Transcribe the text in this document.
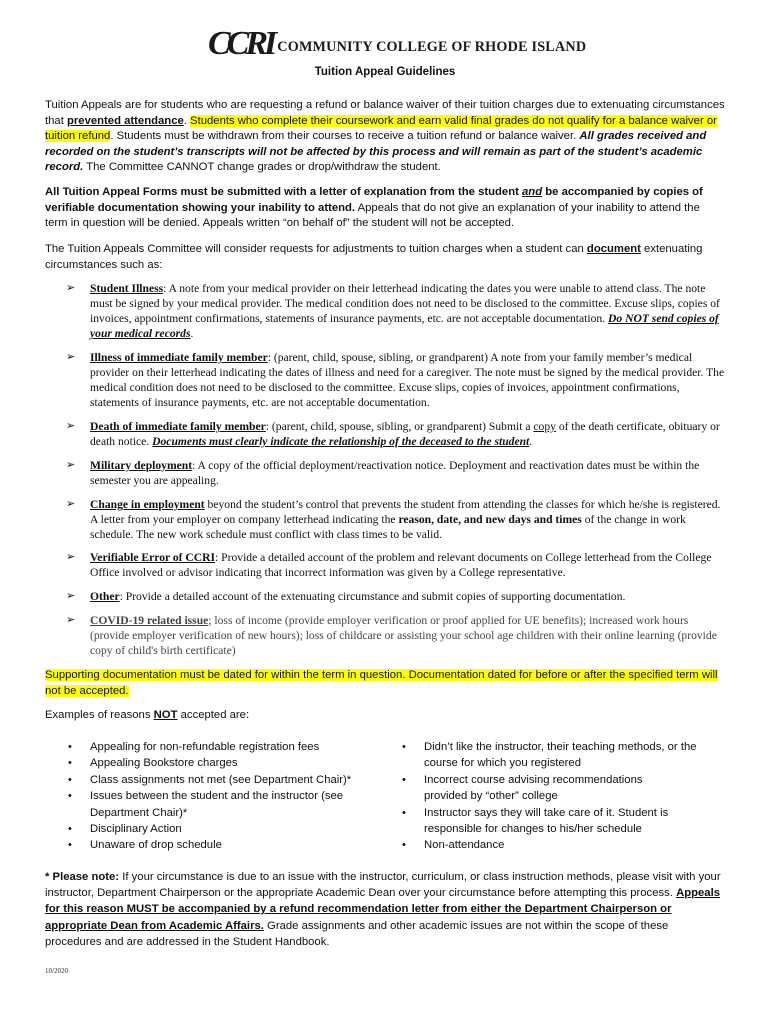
CCRI COMMUNITY COLLEGE OF RHODE ISLAND
Tuition Appeal Guidelines
Tuition Appeals are for students who are requesting a refund or balance waiver of their tuition charges due to extenuating circumstances that prevented attendance. Students who complete their coursework and earn valid final grades do not qualify for a balance waiver or tuition refund. Students must be withdrawn from their courses to receive a tuition refund or balance waiver. All grades received and recorded on the student’s transcripts will not be affected by this process and will remain as part of the student’s academic record. The Committee CANNOT change grades or drop/withdraw the student.
All Tuition Appeal Forms must be submitted with a letter of explanation from the student and be accompanied by copies of verifiable documentation showing your inability to attend. Appeals that do not give an explanation of your inability to attend the term in question will be denied. Appeals written “on behalf of” the student will not be accepted.
The Tuition Appeals Committee will consider requests for adjustments to tuition charges when a student can document extenuating circumstances such as:
➢ Student Illness: A note from your medical provider on their letterhead indicating the dates you were unable to attend class. The note must be signed by your medical provider. The medical condition does not need to be disclosed to the committee. Excuse slips, copies of invoices, appointment confirmations, statements of insurance payments, etc. are not acceptable documentation. Do NOT send copies of your medical records.
➢ Illness of immediate family member: (parent, child, spouse, sibling, or grandparent) A note from your family member’s medical provider on their letterhead indicating the dates of illness and need for a caregiver. The note must be signed by the medical provider. The medical condition does not need to be disclosed to the committee. Excuse slips, copies of invoices, appointment confirmations, statements of insurance payments, etc. are not acceptable documentation.
➢ Death of immediate family member: (parent, child, spouse, sibling, or grandparent) Submit a copy of the death certificate, obituary or death notice. Documents must clearly indicate the relationship of the deceased to the student.
➢ Military deployment: A copy of the official deployment/reactivation notice. Deployment and reactivation dates must be within the semester you are appealing.
➢ Change in employment beyond the student’s control that prevents the student from attending the classes for which he/she is registered. A letter from your employer on company letterhead indicating the reason, date, and new days and times of the change in work schedule. The new work schedule must conflict with class times to be valid.
➢ Verifiable Error of CCRI: Provide a detailed account of the problem and relevant documents on College letterhead from the College Office involved or advisor indicating that incorrect information was given by a College representative.
➢ Other: Provide a detailed account of the extenuating circumstance and submit copies of supporting documentation.
➢ COVID-19 related issue; loss of income (provide employer verification or proof applied for UE benefits); increased work hours (provide employer verification of new hours); loss of childcare or assisting your school age children with their online learning (provide copy of child's birth certificate)
Supporting documentation must be dated for within the term in question. Documentation dated for before or after the specified term will not be accepted.
Examples of reasons NOT accepted are:
• Appealing for non-refundable registration fees
• Appealing Bookstore charges
• Class assignments not met (see Department Chair)*
• Issues between the student and the instructor (see Department Chair)*
• Disciplinary Action
• Unaware of drop schedule
• Didn’t like the instructor, their teaching methods, or the course for which you registered
• Incorrect course advising recommendations provided by “other” college
• Instructor says they will take care of it. Student is responsible for changes to his/her schedule
• Non-attendance
* Please note: If your circumstance is due to an issue with the instructor, curriculum, or class instruction methods, please visit with your instructor, Department Chairperson or the appropriate Academic Dean over your circumstance before attempting this process. Appeals for this reason MUST be accompanied by a refund recommendation letter from either the Department Chairperson or appropriate Dean from Academic Affairs. Grade assignments and other academic issues are not within the scope of these procedures and are addressed in the Student Handbook.
10/2020
